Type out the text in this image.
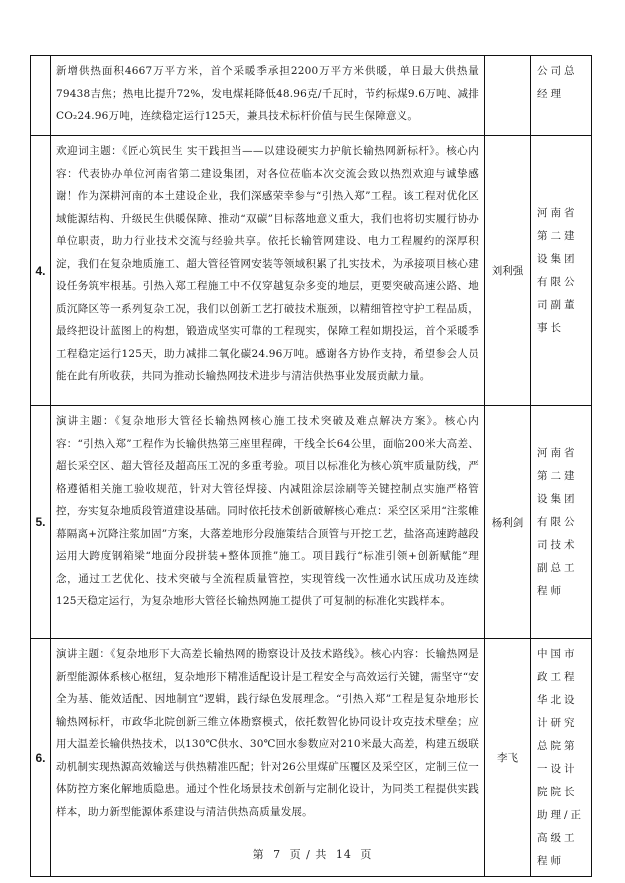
	新增供热面积4667万平方米，首个采暖季承担2200万平方米供暖，单日最大供热量79438吉焦；热电比提升72%，发电煤耗降低48.96克/千瓦时，节约标煤9.6万吨、减排CO₂24.96万吨，连续稳定运行125天，兼具技术标杆价值与民生保障意义。		公司总经理
4.	欢迎词主题：《匠心筑民生 实干践担当——以建设硬实力护航长输热网新标杆》。核心内容：代表协办单位河南省第二建设集团，对各位莅临本次交流会致以热烈欢迎与诚挚感谢！作为深耕河南的本土建设企业，我们深感荣幸参与“引热入郑”工程。该工程对优化区域能源结构、升级民生供暖保障、推动“双碳”目标落地意义重大，我们也将切实履行协办单位职责，助力行业技术交流与经验共享。依托长输管网建设、电力工程履约的深厚积淀，我们在复杂地质施工、超大管径管网安装等领域积累了扎实技术，为承接项目核心建设任务筑牢根基。引热入郑工程施工中不仅穿越复杂多变的地层，更要突破高速公路、地质沉降区等一系列复杂工况，我们以创新工艺打破技术瓶颈，以精细管控守护工程品质，最终把设计蓝图上的构想，锻造成坚实可靠的工程现实，保障工程如期投运，首个采暖季工程稳定运行125天，助力减排二氧化碳24.96万吨。感谢各方协作支持，希望参会人员能在此有所收获，共同为推动长输热网技术进步与清洁供热事业发展贡献力量。	刘利强	河南省第二建设集团有限公司副董事长
5.	演讲主题：《复杂地形大管径长输热网核心施工技术突破及难点解决方案》。核心内容：“引热入郑”工程作为长输供热第三座里程碑，干线全长64公里，面临200米大高差、超长采空区、超大管径及超高压工况的多重考验。项目以标准化为核心筑牢质量防线，严格遵循相关施工验收规范，针对大管径焊接、内减阻涂层涂刷等关键控制点实施严格管控，夯实复杂地质段管道建设基础。同时依托技术创新破解核心难点：采空区采用“注浆帷幕隔离+沉降注浆加固”方案，大落差地形分段施策结合顶管与开挖工艺，盐洛高速跨越段运用大跨度钢箱梁“地面分段拼装+整体顶推”施工。项目践行“标准引领+创新赋能”理念，通过工艺优化、技术突破与全流程质量管控，实现管线一次性通水试压成功及连续125天稳定运行，为复杂地形大管径长输热网施工提供了可复制的标准化实践样本。	杨利剑	河南省第二建设集团有限公司技术副总工程师
6.	演讲主题：《复杂地形下大高差长输热网的勘察设计及技术路线》。核心内容：长输热网是新型能源体系核心枢纽，复杂地形下精准适配设计是工程安全与高效运行关键，需坚守“安全为基、能效适配、因地制宜”逻辑，践行绿色发展理念。“引热入郑”工程是复杂地形长输热网标杆，市政华北院创新三维立体勘察模式，依托数智化协同设计攻克技术壁垒；应用大温差长输供热技术，以130℃供水、30℃回水参数应对210米最大高差，构建五级联动机制实现热源高效输送与供热精准匹配；针对26公里煤矿压覆区及采空区，定制三位一体防控方案化解地质隐患。通过个性化场景技术创新与定制化设计，为同类工程提供实践样本，助力新型能源体系建设与清洁供热高质量发展。	李飞	中国市政工程华北设计研究总院第一设计院院长助理/正高级工程师
第 7 页 / 共 14 页
